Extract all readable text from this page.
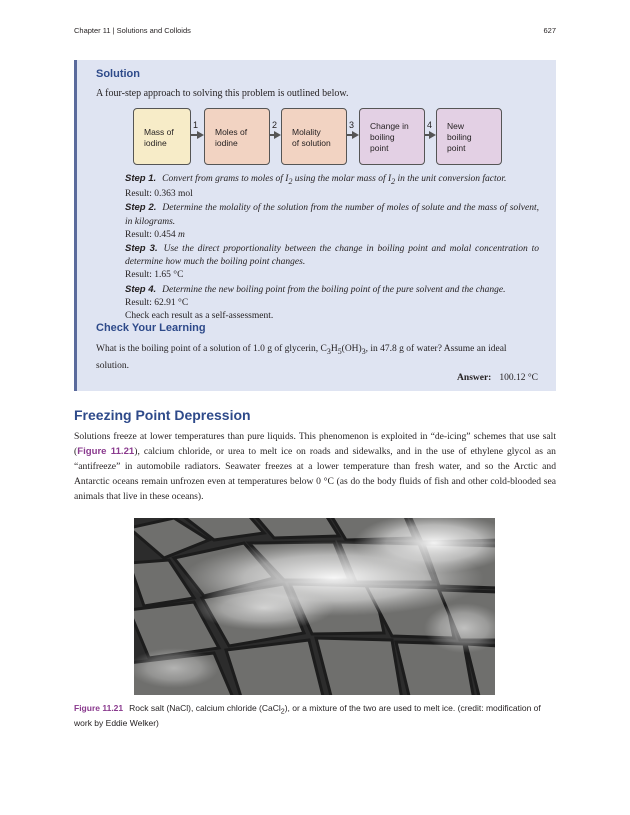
Chapter 11 | Solutions and Colloids	627
Solution
A four-step approach to solving this problem is outlined below.
Mass of
iodine
Moles of
iodine
Molality
of solution
Change in
boiling
point
New
boiling
point
1	2	3	4
Step 1. Convert from grams to moles of $I_2$ using the molar mass of $I_2$ in the unit conversion factor.
Result: 0.363 mol
Step 2. Determine the molality of the solution from the number of moles of solute and the mass of solvent, in kilograms.
Result: 0.454 m
Step 3. Use the direct proportionality between the change in boiling point and molal concentration to determine how much the boiling point changes.
Result: 1.65 °C
Step 4. Determine the new boiling point from the boiling point of the pure solvent and the change.
Result: 62.91 °C
Check each result as a self-assessment.
Check Your Learning
What is the boiling point of a solution of 1.0 g of glycerin, $C_3H_5(OH)_3$, in 47.8 g of water? Assume an ideal solution.
Answer: 100.12 °C
Freezing Point Depression
Solutions freeze at lower temperatures than pure liquids. This phenomenon is exploited in “de-icing” schemes that use salt (Figure 11.21), calcium chloride, or urea to melt ice on roads and sidewalks, and in the use of ethylene glycol as an “antifreeze” in automobile radiators. Seawater freezes at a lower temperature than fresh water, and so the Arctic and Antarctic oceans remain unfrozen even at temperatures below 0 °C (as do the body fluids of fish and other cold-blooded sea animals that live in these oceans).
Figure 11.21 Rock salt (NaCl), calcium chloride (CaCl$_2$), or a mixture of the two are used to melt ice. (credit: modification of work by Eddie Welker)
